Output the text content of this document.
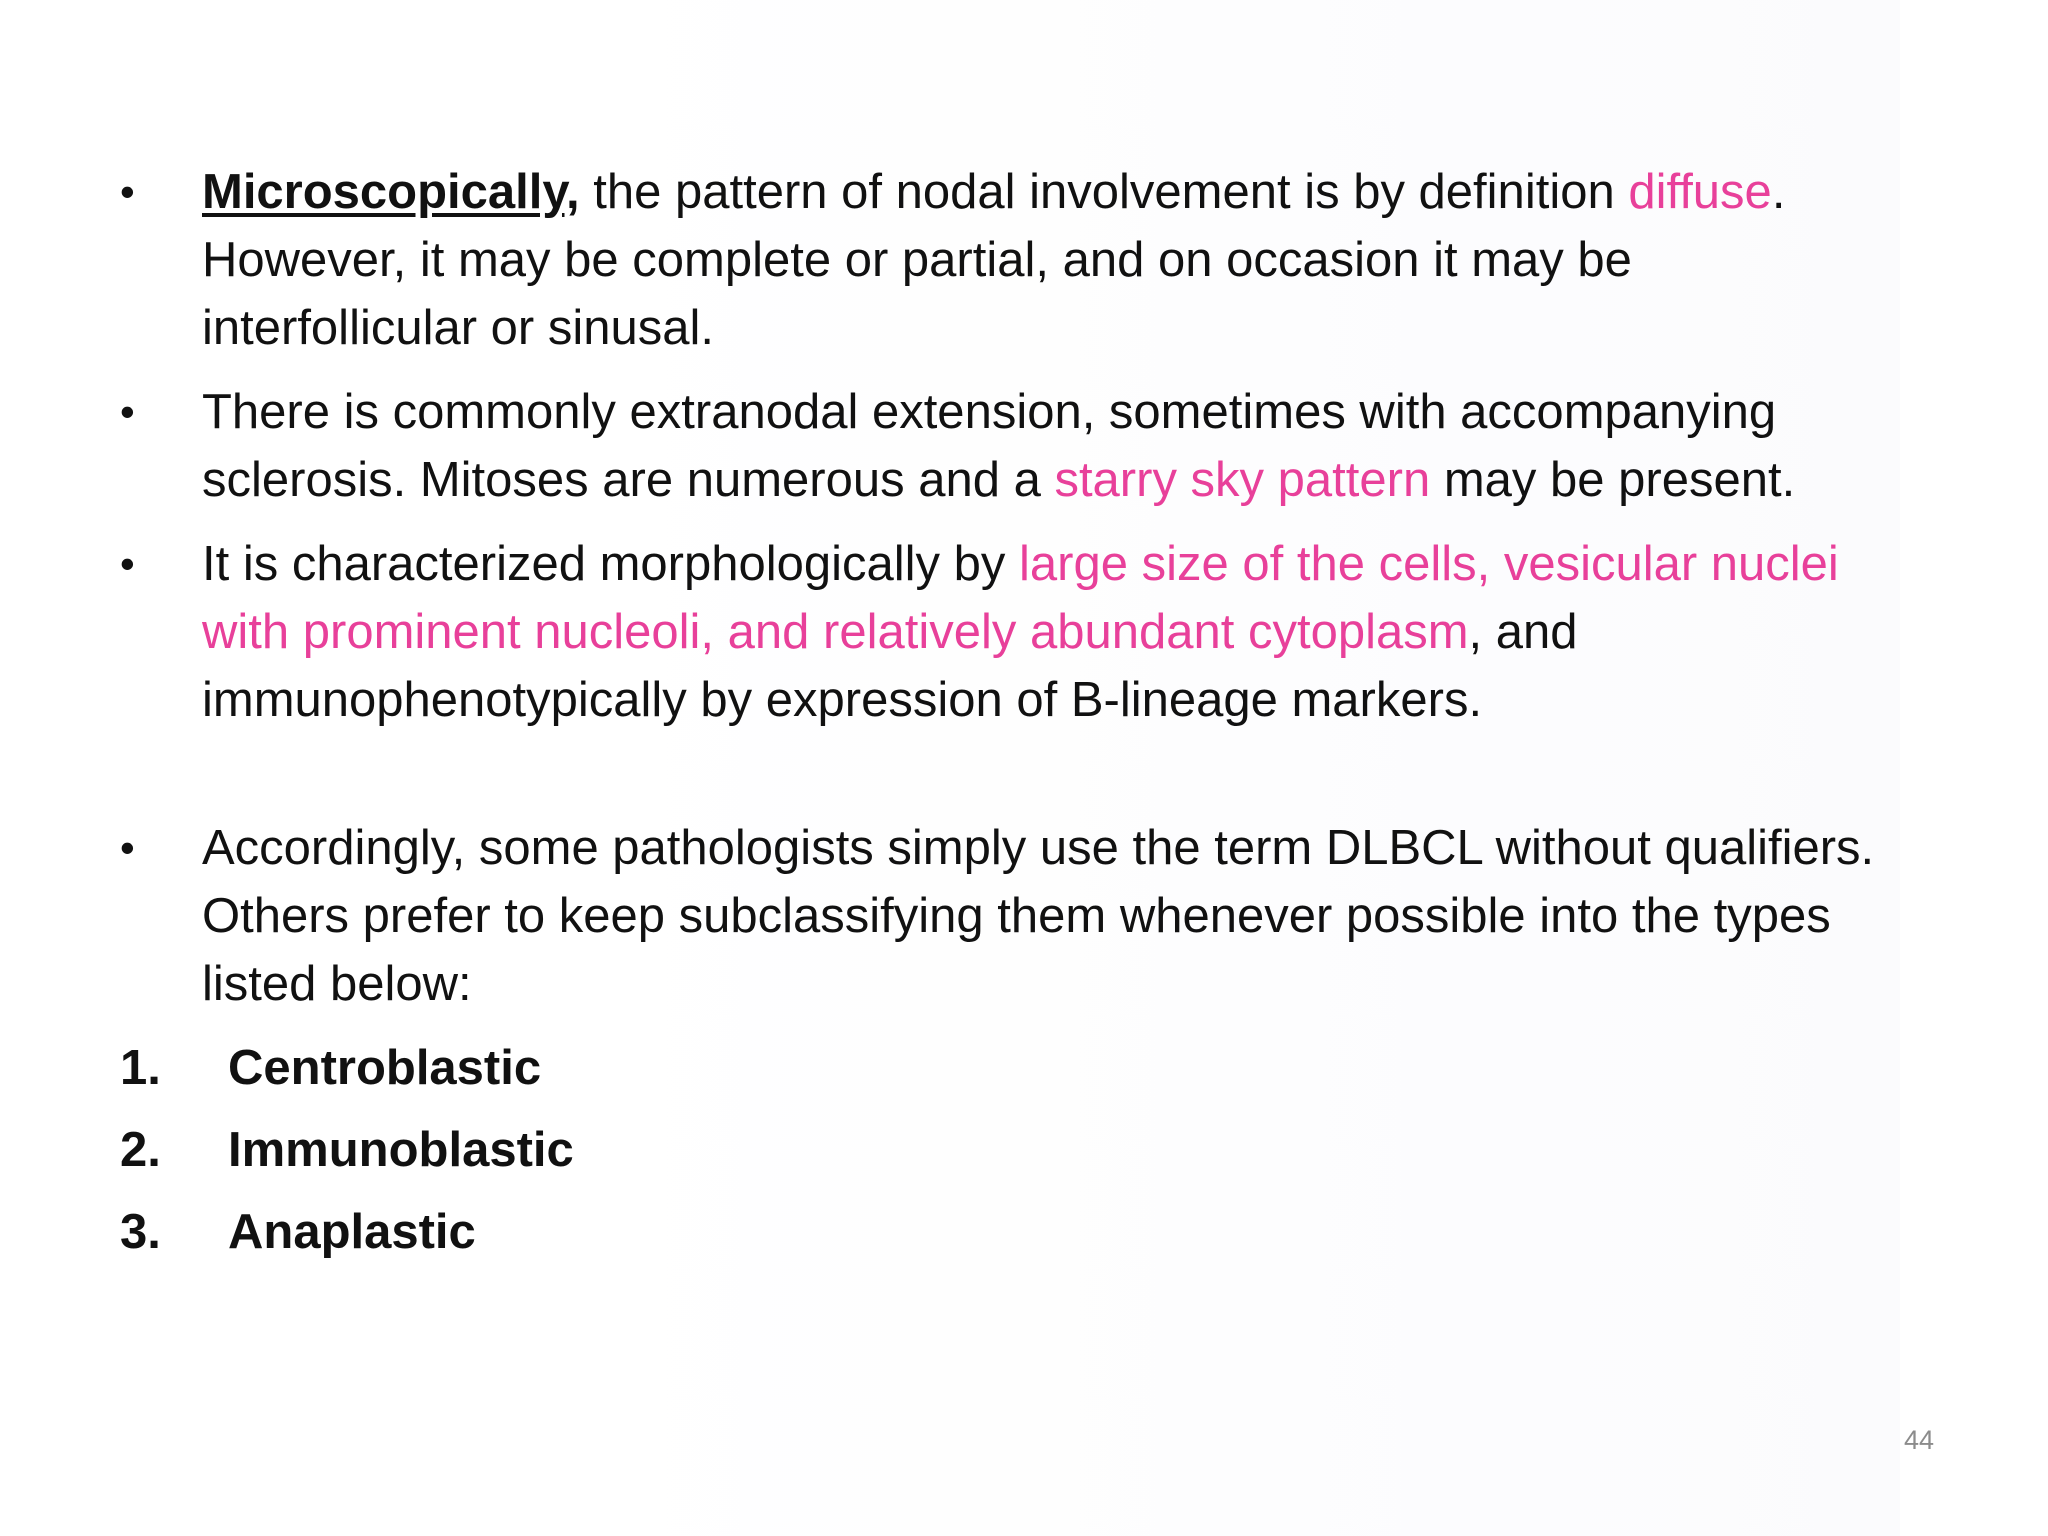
•	Microscopically, the pattern of nodal involvement is by definition diffuse. However, it may be complete or partial, and on occasion it may be interfollicular or sinusal.
•	There is commonly extranodal extension, sometimes with accompanying sclerosis. Mitoses are numerous and a starry sky pattern may be present.
•	It is characterized morphologically by large size of the cells, vesicular nuclei with prominent nucleoli, and relatively abundant cytoplasm, and immunophenotypically by expression of B-lineage markers.
•	Accordingly, some pathologists simply use the term DLBCL without qualifiers. Others prefer to keep subclassifying them whenever possible into the types listed below:
1. Centroblastic
2. Immunoblastic
3. Anaplastic
44
